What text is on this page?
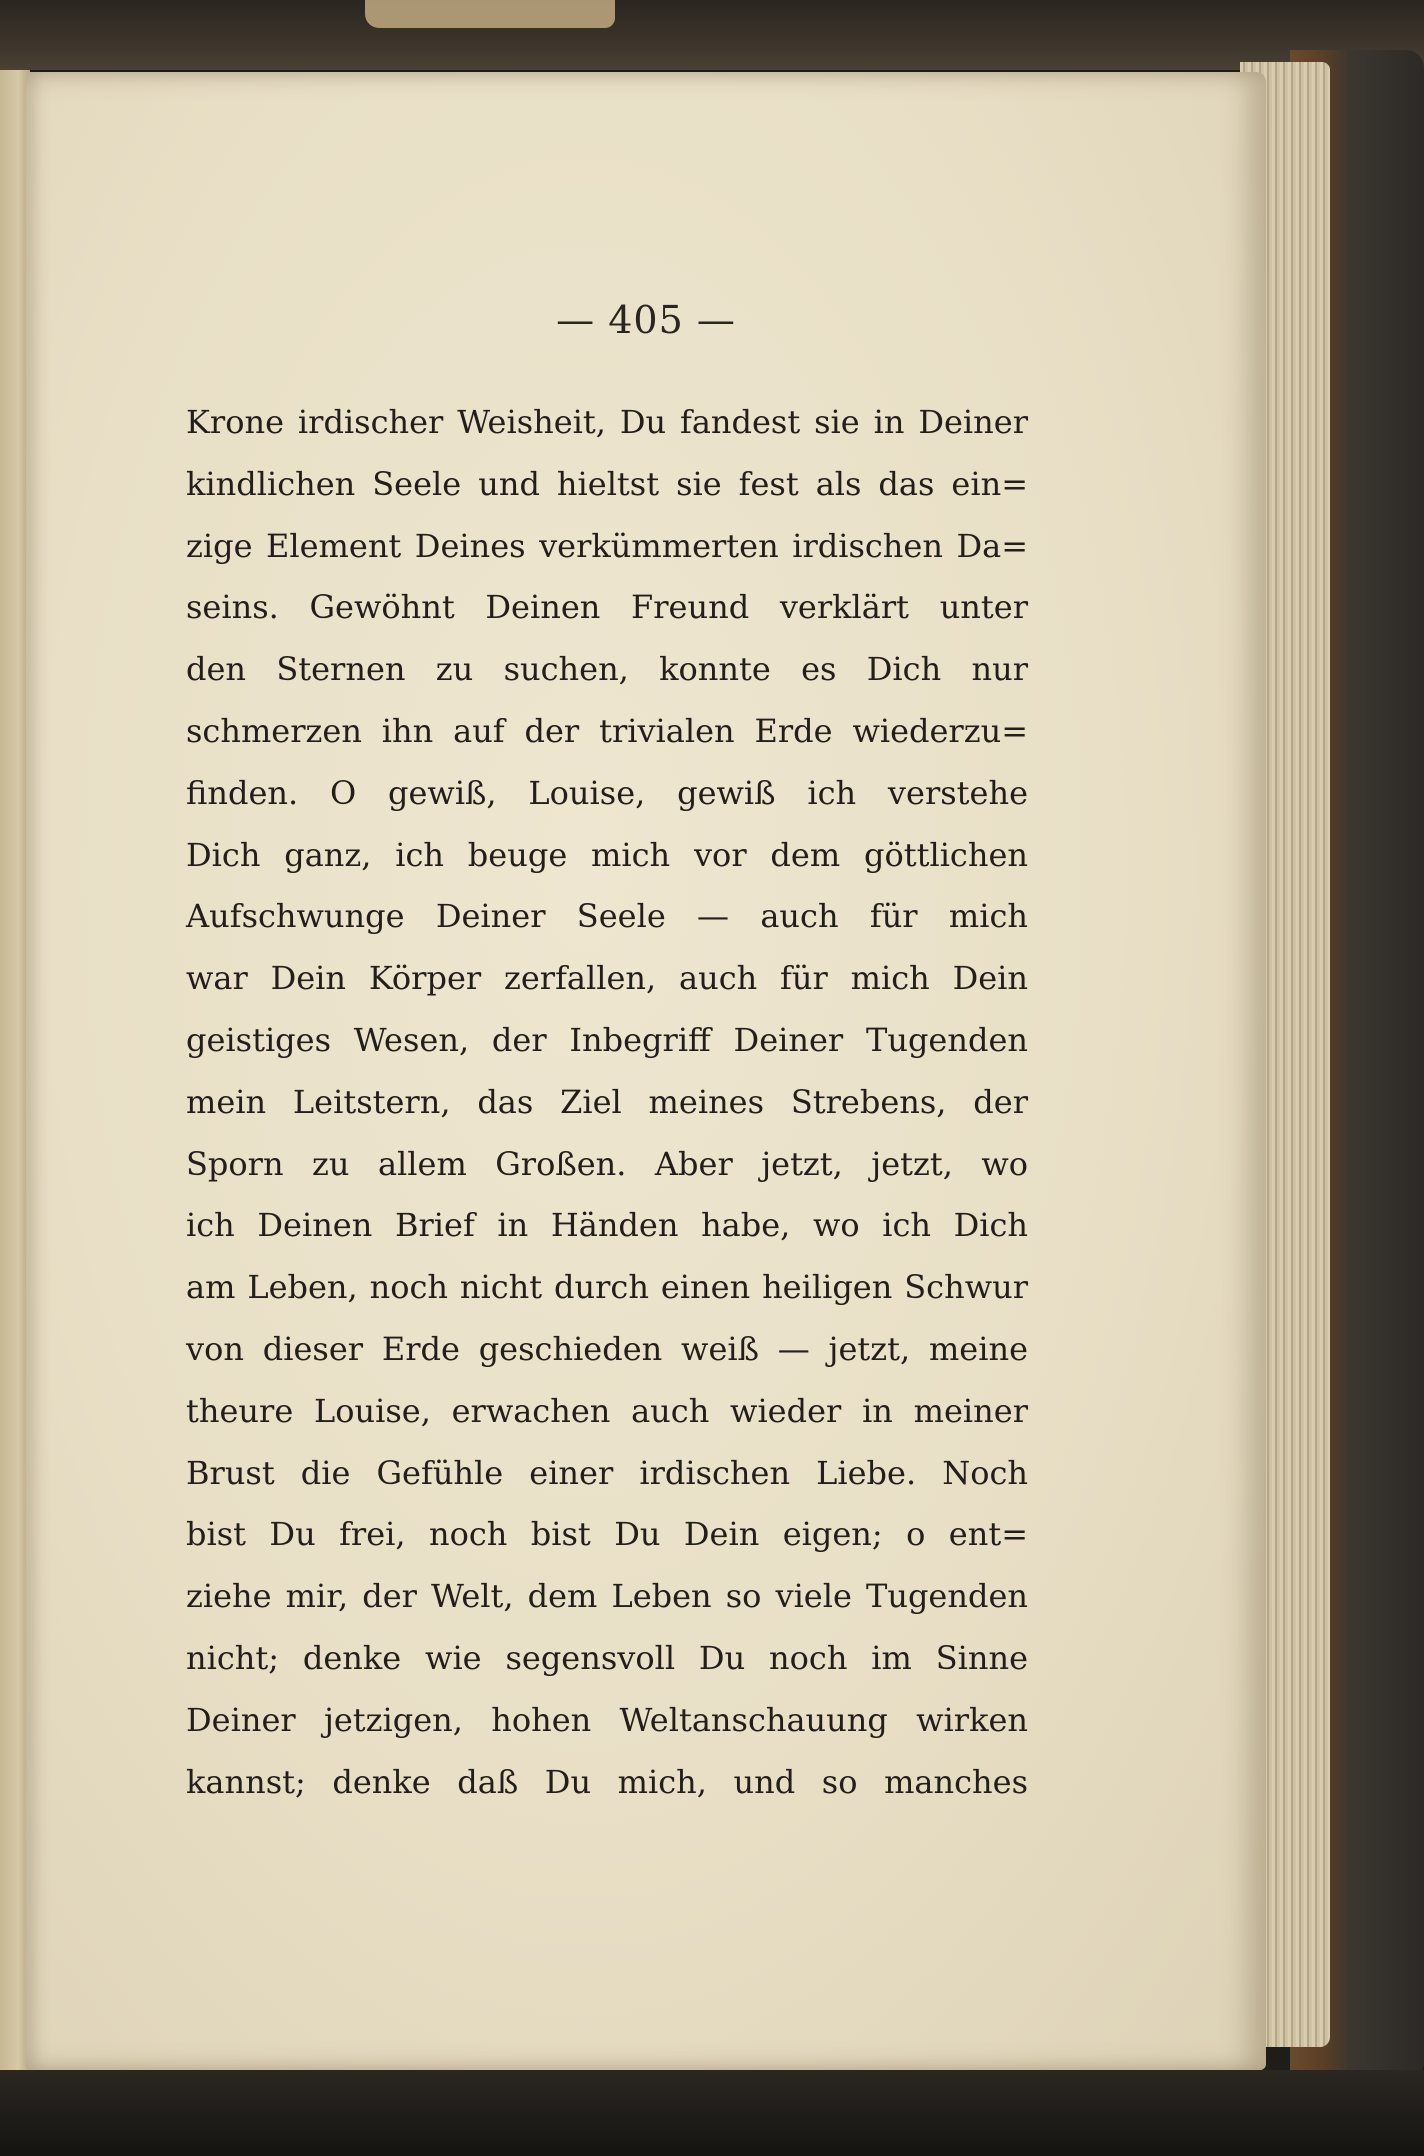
— 405 —
Krone irdischer Weisheit, Du fandest sie in Deiner
kindlichen Seele und hieltst sie fest als das ein=
zige Element Deines verkümmerten irdischen Da=
seins. Gewöhnt Deinen Freund verklärt unter
den Sternen zu suchen, konnte es Dich nur
schmerzen ihn auf der trivialen Erde wiederzu=
finden. O gewiß, Louise, gewiß ich verstehe
Dich ganz, ich beuge mich vor dem göttlichen
Aufschwunge Deiner Seele — auch für mich
war Dein Körper zerfallen, auch für mich Dein
geistiges Wesen, der Inbegriff Deiner Tugenden
mein Leitstern, das Ziel meines Strebens, der
Sporn zu allem Großen. Aber jetzt, jetzt, wo
ich Deinen Brief in Händen habe, wo ich Dich
am Leben, noch nicht durch einen heiligen Schwur
von dieser Erde geschieden weiß — jetzt, meine
theure Louise, erwachen auch wieder in meiner
Brust die Gefühle einer irdischen Liebe. Noch
bist Du frei, noch bist Du Dein eigen; o ent=
ziehe mir, der Welt, dem Leben so viele Tugenden
nicht; denke wie segensvoll Du noch im Sinne
Deiner jetzigen, hohen Weltanschauung wirken
kannst; denke daß Du mich, und so manches
